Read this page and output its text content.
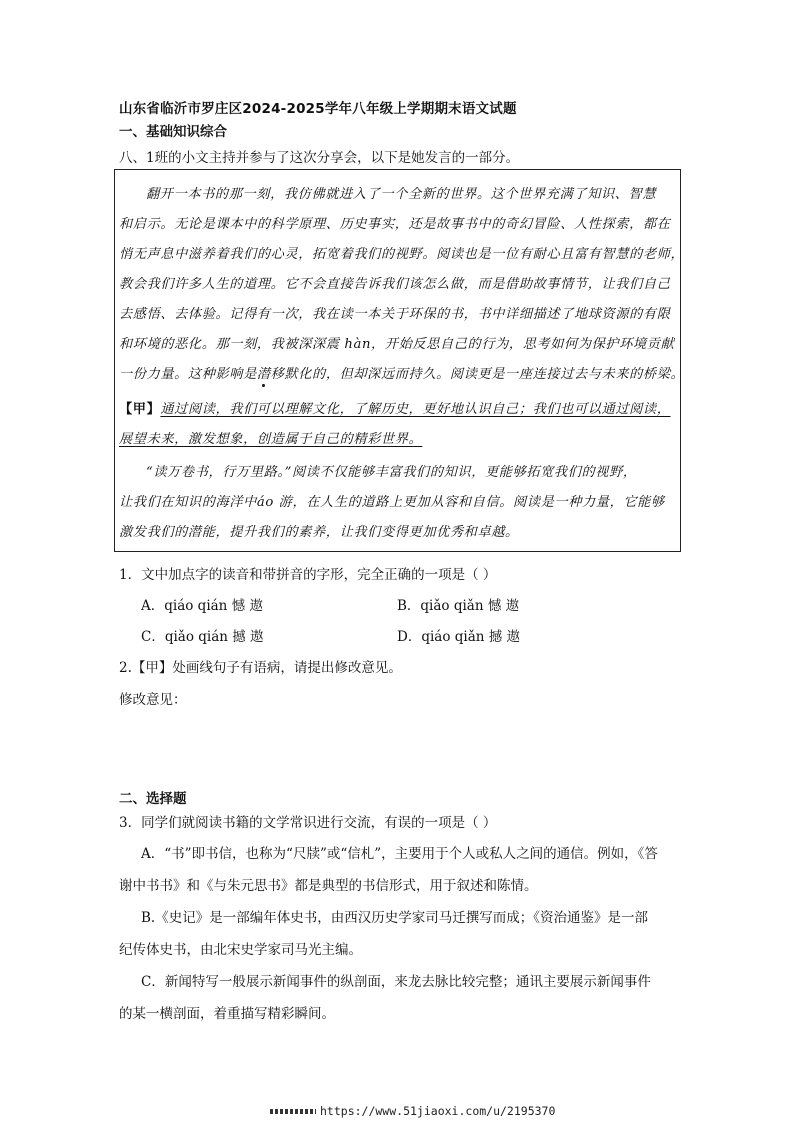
山东省临沂市罗庄区2024-2025学年八年级上学期期末语文试题
一、基础知识综合
八、1班的小文主持并参与了这次分享会，以下是她发言的一部分。
翻开一本书的那一刻，我仿佛就进入了一个全新的世界。这个世界充满了知识、智慧
和启示。无论是课本中的科学原理、历史事实，还是故事书中的奇幻冒险、人性探索，都在
悄无声息中滋养着我们的心灵，拓宽着我们的视野。阅读也是一位有耐心且富有智慧的老师，
教会我们许多人生的道理。它不会直接告诉我们该怎么做，而是借助故事情节，让我们自己
去感悟、去体验。记得有一次，我在读一本关于环保的书，书中详细描述了地球资源的有限
和环境的恶化。那一刻，我被深深震 hàn，开始反思自己的行为，思考如何为保护环境贡献
一份力量。这种影响是潜移默化的，但却深远而持久。阅读更是一座连接过去与未来的桥梁。
【甲】通过阅读，我们可以理解文化，了解历史，更好地认识自己；我们也可以通过阅读，
展望未来，激发想象，创造属于自己的精彩世界。
“读万卷书，行万里路。”阅读不仅能够丰富我们的知识，更能够拓宽我们的视野，
让我们在知识的海洋中áo 游，在人生的道路上更加从容和自信。阅读是一种力量，它能够
激发我们的潜能，提升我们的素养，让我们变得更加优秀和卓越。
1．文中加点字的读音和带拼音的字形，完全正确的一项是（ ）
A．qiáo qián 憾 遨	B．qiǎo qiǎn 憾 遨
C．qiǎo qián 撼 遨	D．qiáo qiǎn 撼 遨
2.【甲】处画线句子有语病，请提出修改意见。
修改意见：
二、选择题
3．同学们就阅读书籍的文学常识进行交流，有误的一项是（ ）
A．“书”即书信，也称为“尺牍”或“信札”，主要用于个人或私人之间的通信。例如，《答
谢中书书》和《与朱元思书》都是典型的书信形式，用于叙述和陈情。
B.《史记》是一部编年体史书，由西汉历史学家司马迁撰写而成；《资治通鉴》是一部
纪传体史书，由北宋史学家司马光主编。
C．新闻特写一般展示新闻事件的纵剖面，来龙去脉比较完整；通讯主要展示新闻事件
的某一横剖面，着重描写精彩瞬间。
https://www.51jiaoxi.com/u/2195370
